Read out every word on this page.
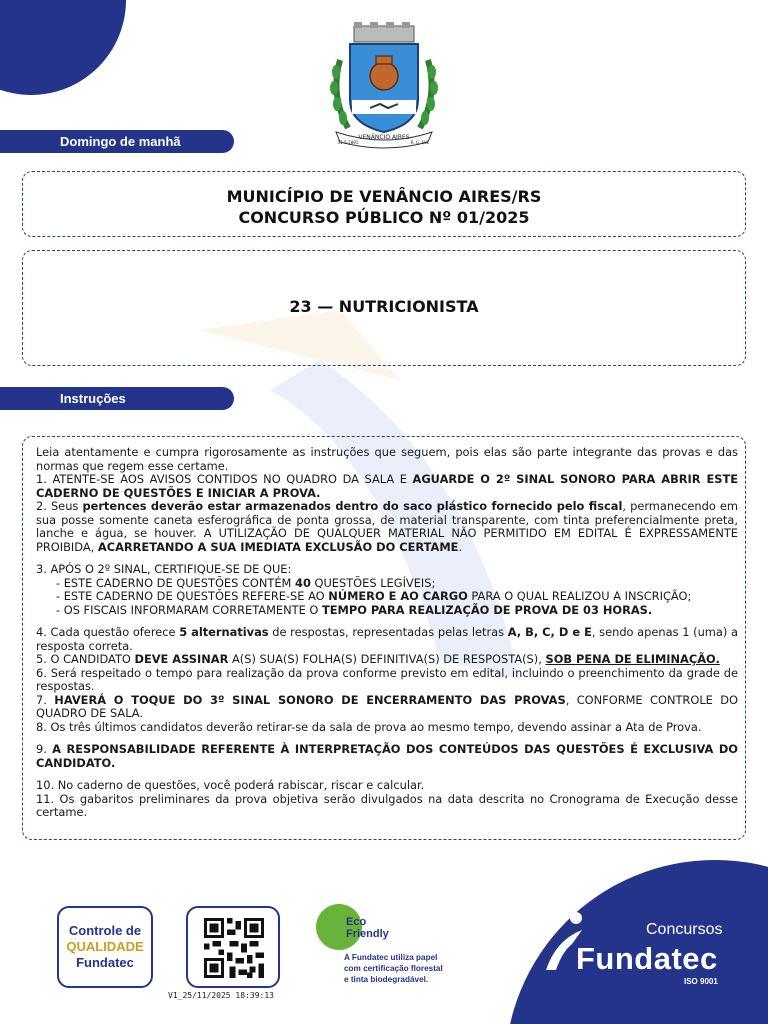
VENÂNCIO AIRES
11-5-1891	R. G. SUL
Domingo de manhã
MUNICÍPIO DE VENÂNCIO AIRES/RS
CONCURSO PÚBLICO Nº 01/2025
23 — NUTRICIONISTA
Instruções

Leia atentamente e cumpra rigorosamente as instruções que seguem, pois elas são parte integrante das provas e das normas que regem esse certame.

1. ATENTE-SE AOS AVISOS CONTIDOS NO QUADRO DA SALA E AGUARDE O 2º SINAL SONORO PARA ABRIR ESTE CADERNO DE QUESTÕES E INICIAR A PROVA.

2. Seus pertences deverão estar armazenados dentro do saco plástico fornecido pelo fiscal, permanecendo em sua posse somente caneta esferográfica de ponta grossa, de material transparente, com tinta preferencialmente preta, lanche e água, se houver. A UTILIZAÇÃO DE QUALQUER MATERIAL NÃO PERMITIDO EM EDITAL É EXPRESSAMENTE PROIBIDA, ACARRETANDO A SUA IMEDIATA EXCLUSÃO DO CERTAME.

3. APÓS O 2º SINAL, CERTIFIQUE-SE DE QUE:

- ESTE CADERNO DE QUESTÕES CONTÉM 40 QUESTÕES LEGÍVEIS;

- ESTE CADERNO DE QUESTÕES REFERE-SE AO NÚMERO E AO CARGO PARA O QUAL REALIZOU A INSCRIÇÃO;

- OS FISCAIS INFORMARAM CORRETAMENTE O TEMPO PARA REALIZAÇÃO DE PROVA DE 03 HORAS.

4. Cada questão oferece 5 alternativas de respostas, representadas pelas letras A, B, C, D e E, sendo apenas 1 (uma) a resposta correta.

5. O CANDIDATO DEVE ASSINAR A(S) SUA(S) FOLHA(S) DEFINITIVA(S) DE RESPOSTA(S), SOB PENA DE ELIMINAÇÃO.

6. Será respeitado o tempo para realização da prova conforme previsto em edital, incluindo o preenchimento da grade de respostas.

7. HAVERÁ O TOQUE DO 3º SINAL SONORO DE ENCERRAMENTO DAS PROVAS, CONFORME CONTROLE DO QUADRO DE SALA.

8. Os três últimos candidatos deverão retirar-se da sala de prova ao mesmo tempo, devendo assinar a Ata de Prova.

9. A RESPONSABILIDADE REFERENTE À INTERPRETAÇÃO DOS CONTEÚDOS DAS QUESTÕES É EXCLUSIVA DO CANDIDATO.

10. No caderno de questões, você poderá rabiscar, riscar e calcular.

11. Os gabaritos preliminares da prova objetiva serão divulgados na data descrita no Cronograma de Execução desse certame.

Controle de
QUALIDADE
Fundatec
V1_25/11/2025 18:39:13
Eco
Friendly
A Fundatec utiliza papel
com certificação florestal
e tinta biodegradável.
Concursos
Fundatec
ISO 9001
